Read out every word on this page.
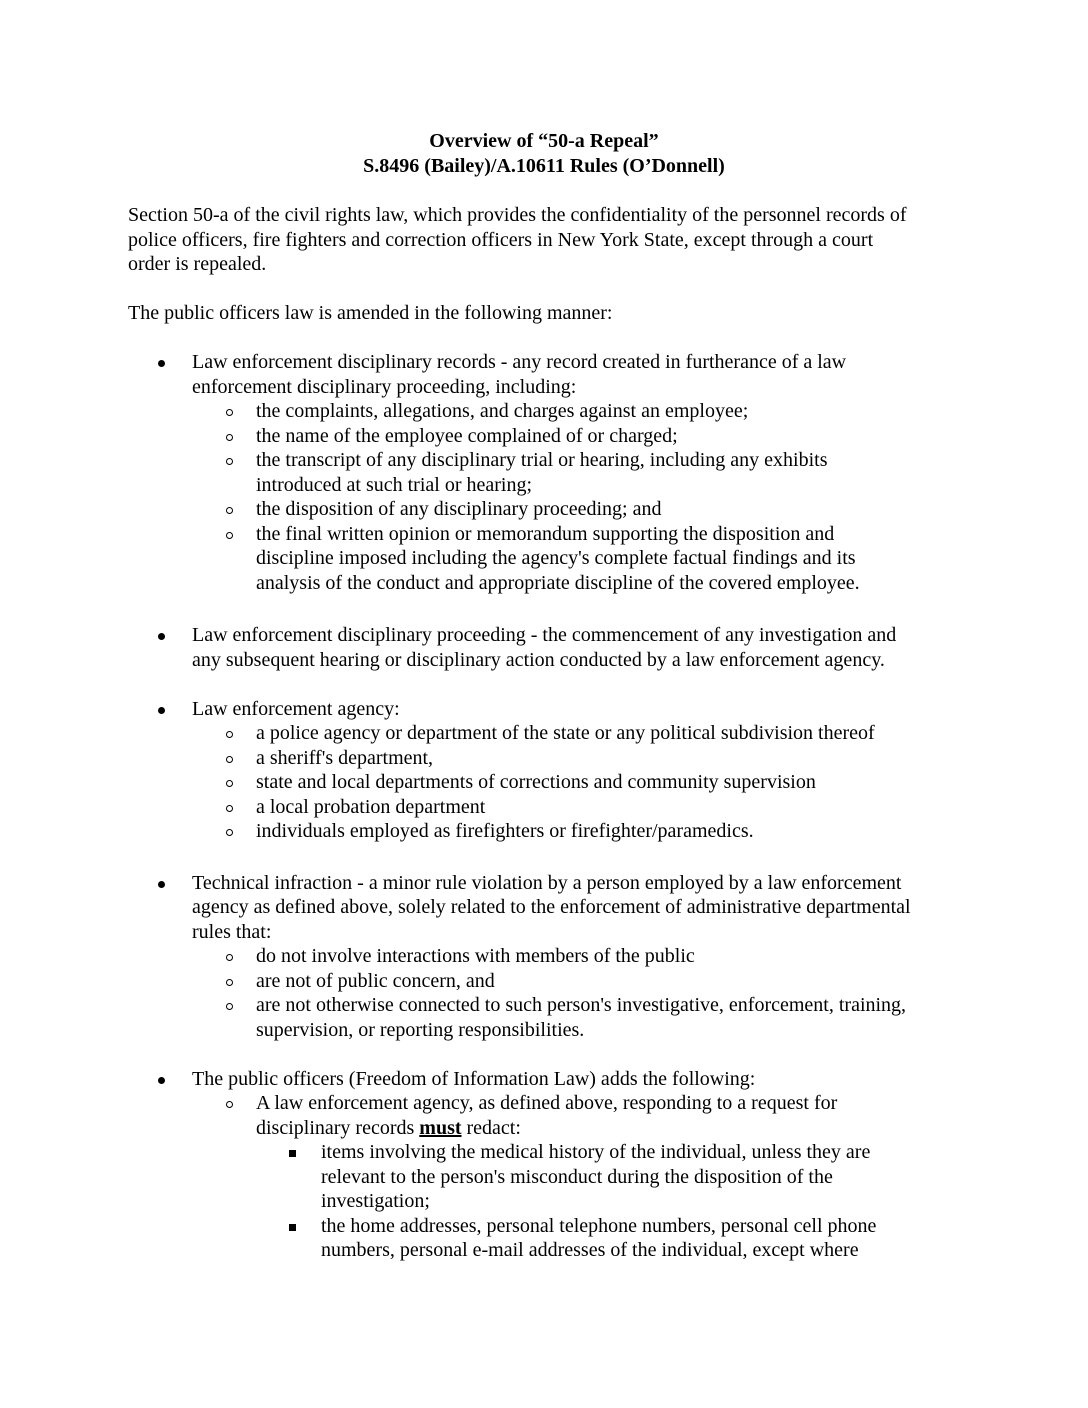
Overview of “50-a Repeal”
S.8496 (Bailey)/A.10611 Rules (O’Donnell)
Section 50-a of the civil rights law, which provides the confidentiality of the personnel records of
police officers, fire fighters and correction officers in New York State, except through a court
order is repealed.
The public officers law is amended in the following manner:
Law enforcement disciplinary records - any record created in furtherance of a law
enforcement disciplinary proceeding, including:
the complaints, allegations, and charges against an employee;
the name of the employee complained of or charged;
the transcript of any disciplinary trial or hearing, including any exhibits
introduced at such trial or hearing;
the disposition of any disciplinary proceeding; and
the final written opinion or memorandum supporting the disposition and
discipline imposed including the agency's complete factual findings and its
analysis of the conduct and appropriate discipline of the covered employee.
Law enforcement disciplinary proceeding - the commencement of any investigation and
any subsequent hearing or disciplinary action conducted by a law enforcement agency.
Law enforcement agency:
a police agency or department of the state or any political subdivision thereof
a sheriff's department,
state and local departments of corrections and community supervision
a local probation department
individuals employed as firefighters or firefighter/paramedics.
Technical infraction - a minor rule violation by a person employed by a law enforcement
agency as defined above, solely related to the enforcement of administrative departmental
rules that:
do not involve interactions with members of the public
are not of public concern, and
are not otherwise connected to such person's investigative, enforcement, training,
supervision, or reporting responsibilities.
The public officers (Freedom of Information Law) adds the following:
A law enforcement agency, as defined above, responding to a request for
disciplinary records must redact:
items involving the medical history of the individual, unless they are
relevant to the person's misconduct during the disposition of the
investigation;
the home addresses, personal telephone numbers, personal cell phone
numbers, personal e-mail addresses of the individual, except where
